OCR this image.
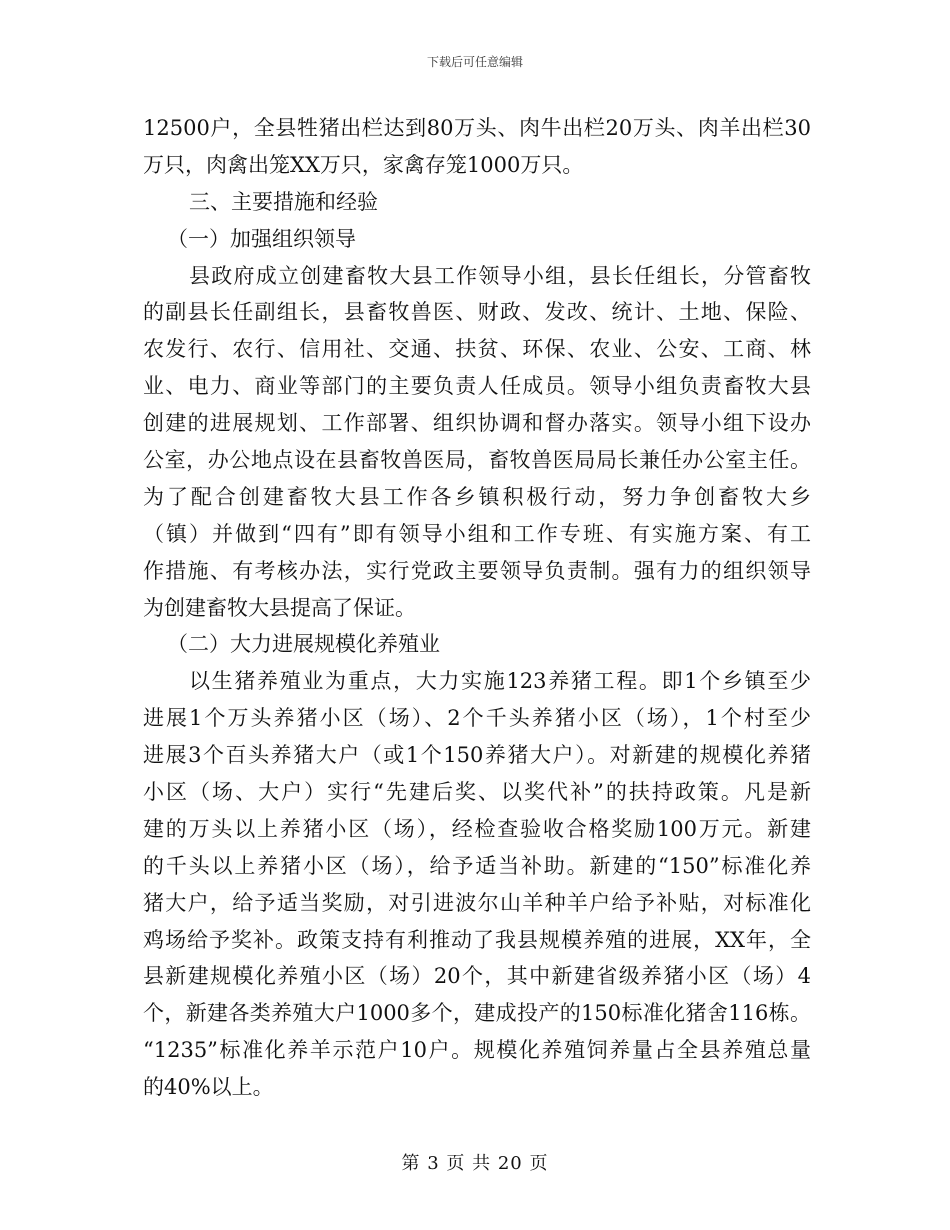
下载后可任意编辑
12500户，全县牲猪出栏达到80万头、肉牛出栏20万头、肉羊出栏30
万只，肉禽出笼XX万只，家禽存笼1000万只。
三、主要措施和经验
（一）加强组织领导
县政府成立创建畜牧大县工作领导小组，县长任组长，分管畜牧
的副县长任副组长，县畜牧兽医、财政、发改、统计、土地、保险、
农发行、农行、信用社、交通、扶贫、环保、农业、公安、工商、林
业、电力、商业等部门的主要负责人任成员。领导小组负责畜牧大县
创建的进展规划、工作部署、组织协调和督办落实。领导小组下设办
公室，办公地点设在县畜牧兽医局，畜牧兽医局局长兼任办公室主任。
为了配合创建畜牧大县工作各乡镇积极行动，努力争创畜牧大乡
（镇）并做到“四有”即有领导小组和工作专班、有实施方案、有工
作措施、有考核办法，实行党政主要领导负责制。强有力的组织领导
为创建畜牧大县提高了保证。
（二）大力进展规模化养殖业
以生猪养殖业为重点，大力实施123养猪工程。即1个乡镇至少
进展1个万头养猪小区（场）、2个千头养猪小区（场），1个村至少
进展3个百头养猪大户（或1个150养猪大户）。对新建的规模化养猪
小区（场、大户）实行“先建后奖、以奖代补”的扶持政策。凡是新
建的万头以上养猪小区（场），经检查验收合格奖励100万元。新建
的千头以上养猪小区（场），给予适当补助。新建的“150”标准化养
猪大户，给予适当奖励，对引进波尔山羊种羊户给予补贴，对标准化
鸡场给予奖补。政策支持有利推动了我县规模养殖的进展，XX年，全
县新建规模化养殖小区（场）20个，其中新建省级养猪小区（场）4
个，新建各类养殖大户1000多个，建成投产的150标准化猪舍116栋。
“1235”标准化养羊示范户10户。规模化养殖饲养量占全县养殖总量
的40%以上。
第 3 页 共 20 页
